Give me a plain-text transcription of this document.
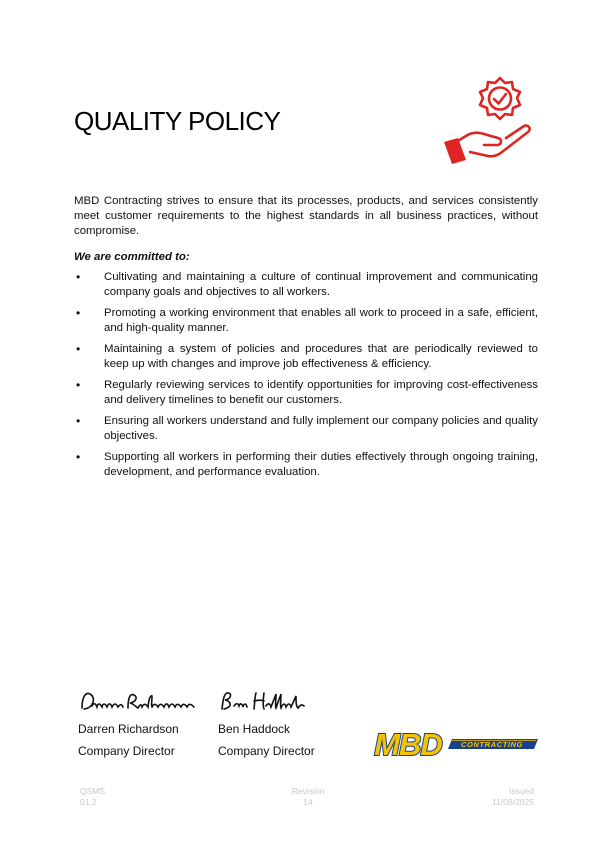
QUALITY POLICY

MBD Contracting strives to ensure that its processes, products, and services consistently meet customer requirements to the highest standards in all business practices, without compromise.

We are committed to:

• Cultivating and maintaining a culture of continual improvement and communicating company goals and objectives to all workers.
• Promoting a working environment that enables all work to proceed in a safe, efficient, and high-quality manner.
• Maintaining a system of policies and procedures that are periodically reviewed to keep up with changes and improve job effectiveness & efficiency.
• Regularly reviewing services to identify opportunities for improving cost-effectiveness and delivery timelines to benefit our customers.
• Ensuring all workers understand and fully implement our company policies and quality objectives.
• Supporting all workers in performing their duties effectively through ongoing training, development, and performance evaluation.
Darren Richardson
Company Director
Ben Haddock
Company Director	CONTRACTING
MBD
QSMS
01.2
Revision
14
Issued
11/08/2025
